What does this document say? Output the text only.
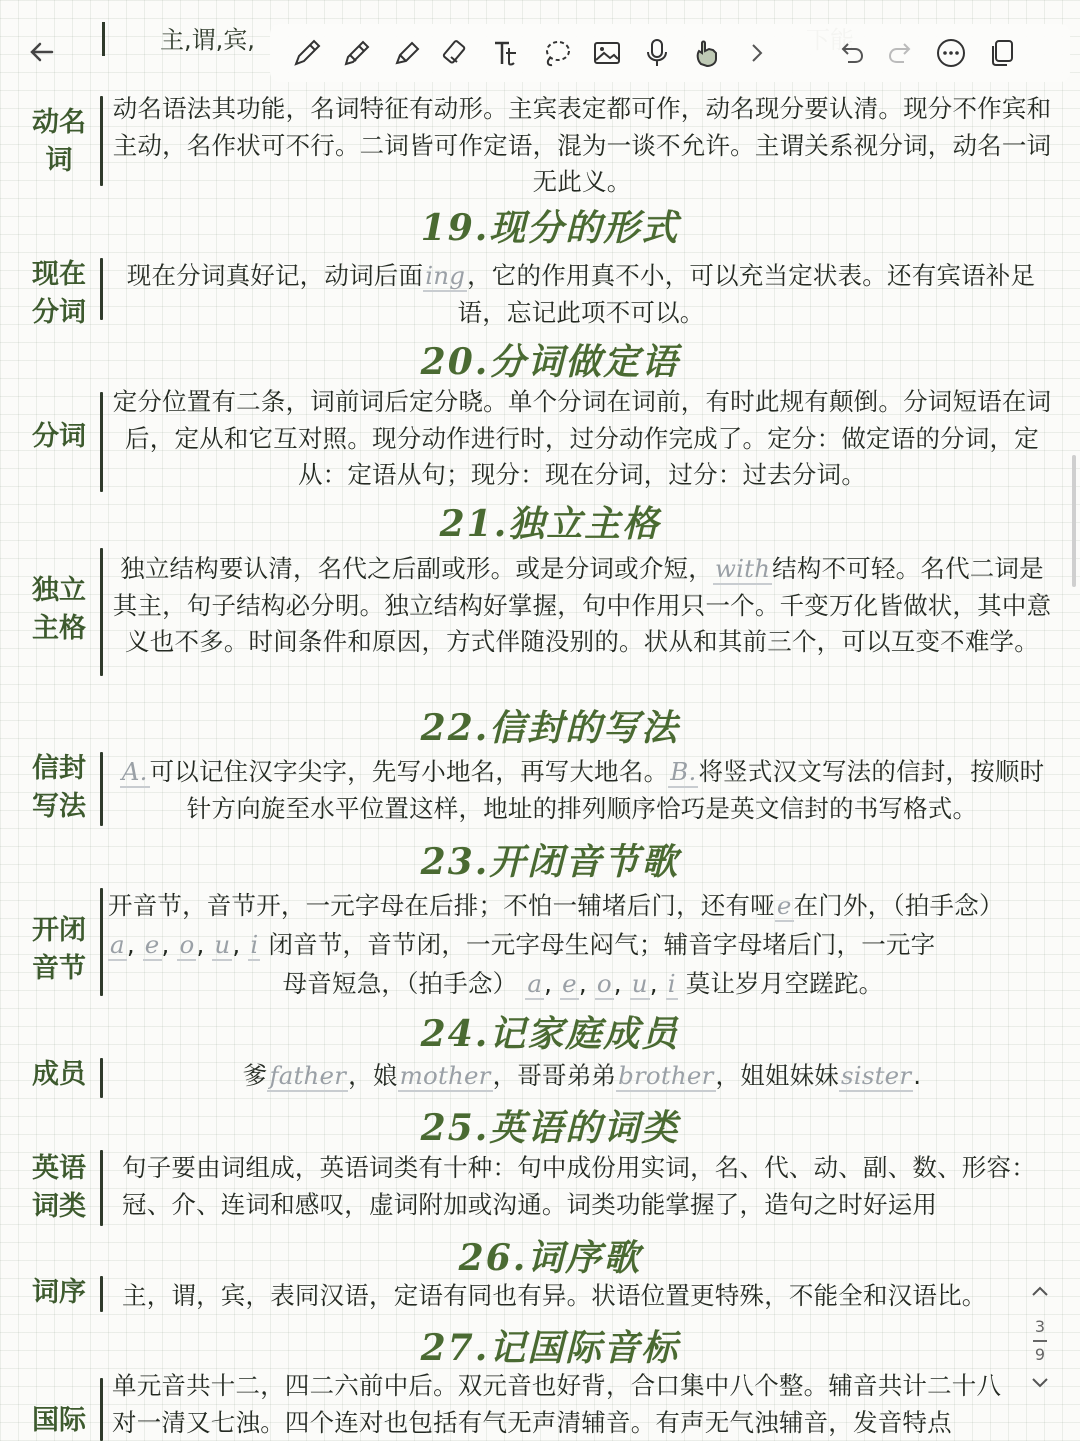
主,谓,宾,
动名
词
动名语法其功能，名词特征有动形。主宾表定都可作，动名现分要认清。现分不作宾和主动，名作状可不行。二词皆可作定语，混为一谈不允许。主谓关系视分词，动名一词无此义。
19.现分的形式
现在
分词
现在分词真好记，动词后面ing，它的作用真不小，可以充当定状表。还有宾语补足语，忘记此项不可以。
20.分词做定语
分词
定分位置有二条，词前词后定分晓。单个分词在词前，有时此规有颠倒。分词短语在词后，定从和它互对照。现分动作进行时，过分动作完成了。定分：做定语的分词，定从：定语从句；现分：现在分词，过分：过去分词。
21.独立主格
独立
主格
独立结构要认清，名代之后副或形。或是分词或介短，with结构不可轻。名代二词是其主，句子结构必分明。独立结构好掌握，句中作用只一个。千变万化皆做状，其中意义也不多。时间条件和原因，方式伴随没别的。状从和其前三个，可以互变不难学。
22.信封的写法
信封
写法
A.可以记住汉字尖字，先写小地名，再写大地名。B.将竖式汉文写法的信封，按顺时针方向旋至水平位置这样，地址的排列顺序恰巧是英文信封的书写格式。
23.开闭音节歌
开闭
音节
开音节，音节开，一元字母在后排；不怕一辅堵后门，还有哑e在门外，（拍手念）
a, e, o, u, i 闭音节，音节闭，一元字母生闷气；辅音字母堵后门，一元字
母音短急，（拍手念） a, e, o, u, i 莫让岁月空蹉跎。
24.记家庭成员
成员	爹father，娘mother，哥哥弟弟brother，姐姐妹妹sister.
25.英语的词类
英语
词类
句子要由词组成，英语词类有十种：句中成份用实词，名、代、动、副、数、形容：冠、介、连词和感叹，虚词附加或沟通。词类功能掌握了，造句之时好运用
26.词序歌
词序	主，谓，宾，表同汉语，定语有同也有异。状语位置更特殊，不能全和汉语比。
27.记国际音标
国际
单元音共十二，四二六前中后。双元音也好背，合口集中八个整。辅音共计二十八对一清又七浊。四个连对也包括有气无声清辅音。有声无气浊辅音，发音特点
3
9
